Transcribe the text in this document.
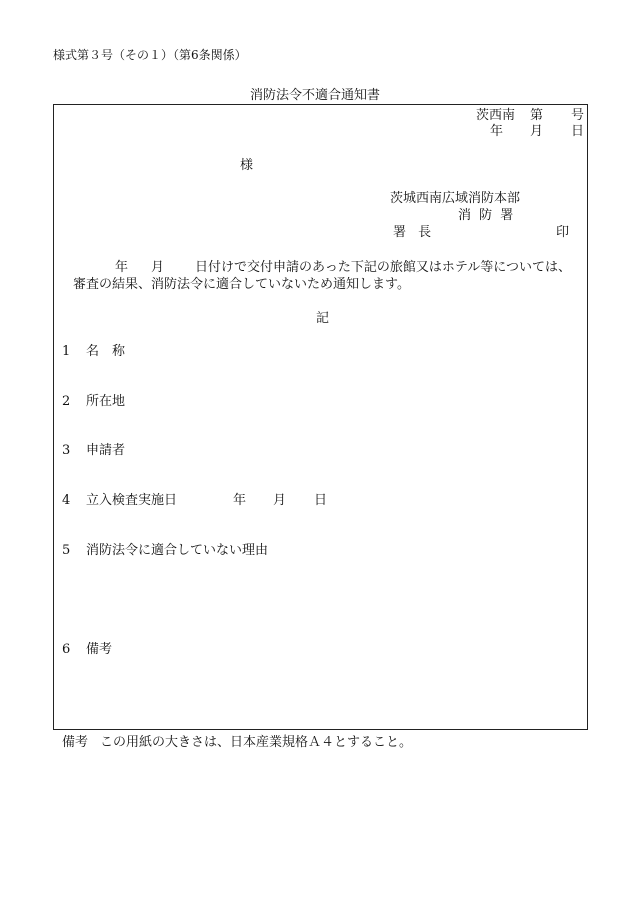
様式第３号（その１）（第6条関係）
消防法令不適合通知書
茨西南 第 号
年 月 日
様
茨城西南広域消防本部
消 防 署
署 長	印
年 月 日付けで交付申請のあった下記の旅館又はホテル等については、
審査の結果、消防法令に適合していないため通知します。
記
1 名　称
2 所在地
3 申請者
4 立入検査実施日	年 月 日
5 消防法令に適合していない理由
6 備考
備考 この用紙の大きさは、日本産業規格Ａ４とすること。
